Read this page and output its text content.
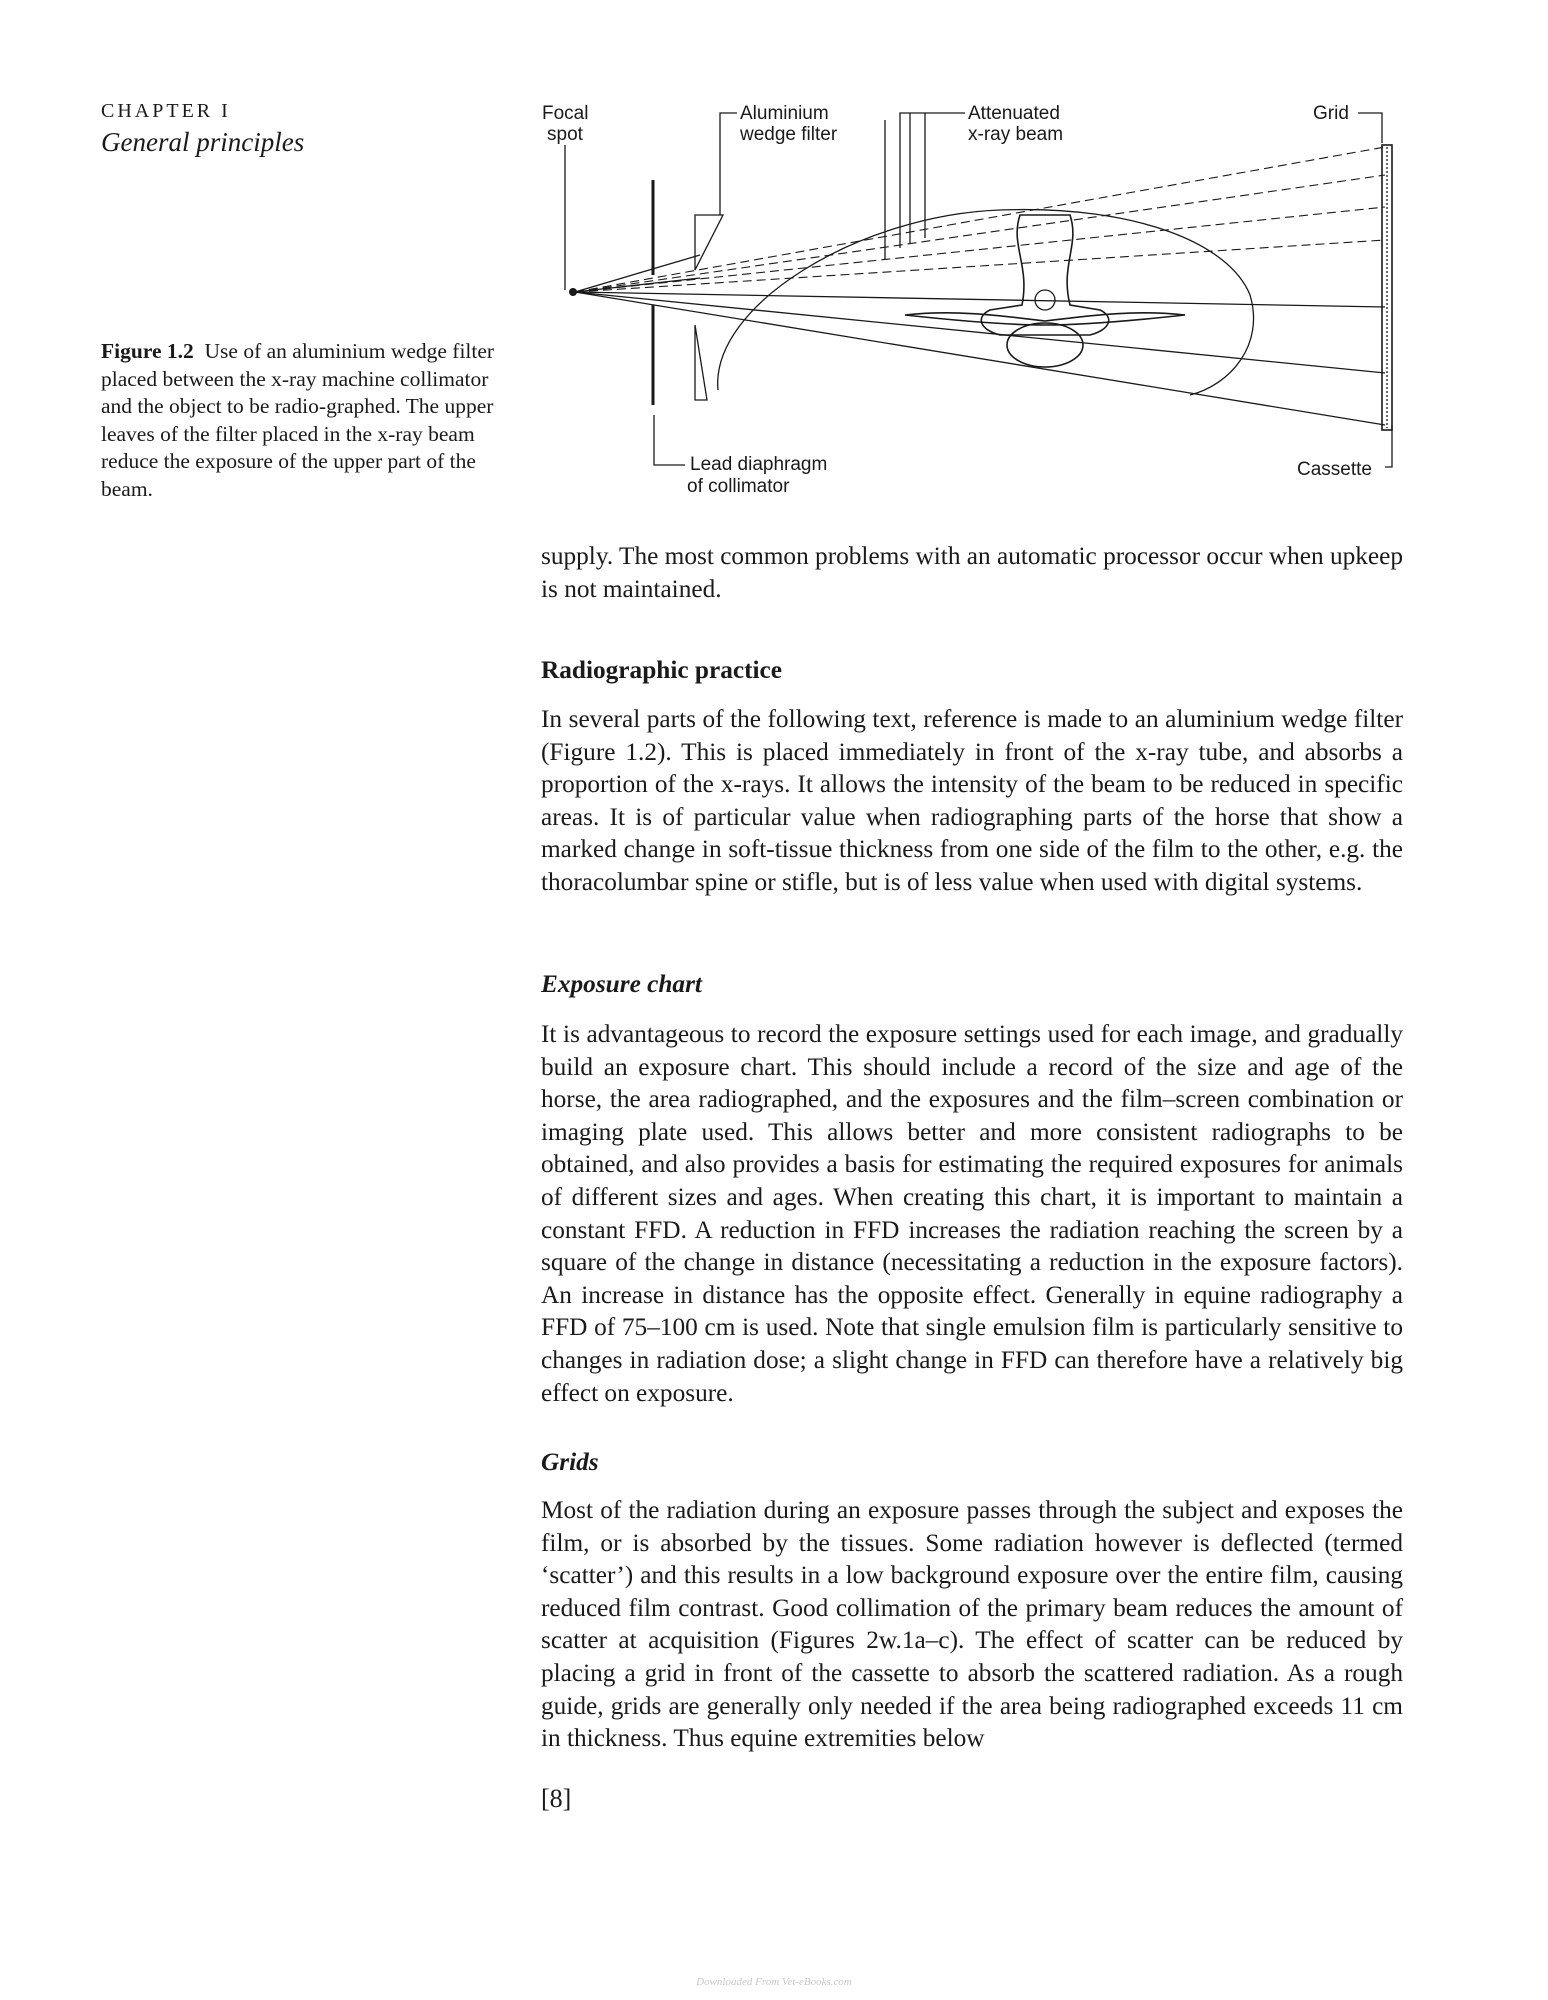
CHAPTER I
General principles
Figure 1.2 Use of an aluminium wedge filter placed between the x-ray machine collimator and the object to be radio-graphed. The upper leaves of the filter placed in the x-ray beam reduce the exposure of the upper part of the beam.
Focal
spot
Aluminium
wedge filter
Attenuated
x-ray beam
Grid
Lead diaphragm
of collimator
Cassette

supply. The most common problems with an automatic processor occur when upkeep is not maintained.

Radiographic practice

In several parts of the following text, reference is made to an aluminium wedge filter (Figure 1.2). This is placed immediately in front of the x-ray tube, and absorbs a proportion of the x-rays. It allows the intensity of the beam to be reduced in specific areas. It is of particular value when radiographing parts of the horse that show a marked change in soft-tissue thickness from one side of the film to the other, e.g. the thoracolumbar spine or stifle, but is of less value when used with digital systems.

Exposure chart

It is advantageous to record the exposure settings used for each image, and gradually build an exposure chart. This should include a record of the size and age of the horse, the area radiographed, and the exposures and the film–screen combination or imaging plate used. This allows better and more consistent radiographs to be obtained, and also provides a basis for estimating the required exposures for animals of different sizes and ages. When creating this chart, it is important to maintain a constant FFD. A reduction in FFD increases the radiation reaching the screen by a square of the change in distance (necessitating a reduction in the exposure factors). An increase in distance has the opposite effect. Generally in equine radiography a FFD of 75–100 cm is used. Note that single emulsion film is particularly sensitive to changes in radiation dose; a slight change in FFD can therefore have a relatively big effect on exposure.

Grids

Most of the radiation during an exposure passes through the subject and exposes the film, or is absorbed by the tissues. Some radiation however is deflected (termed ‘scatter’) and this results in a low background exposure over the entire film, causing reduced film contrast. Good collimation of the primary beam reduces the amount of scatter at acquisition (Figures 2w.1a–c). The effect of scatter can be reduced by placing a grid in front of the cassette to absorb the scattered radiation. As a rough guide, grids are generally only needed if the area being radiographed exceeds 11 cm in thickness. Thus equine extremities below

[8]
Downloaded From Vet-eBooks.com
